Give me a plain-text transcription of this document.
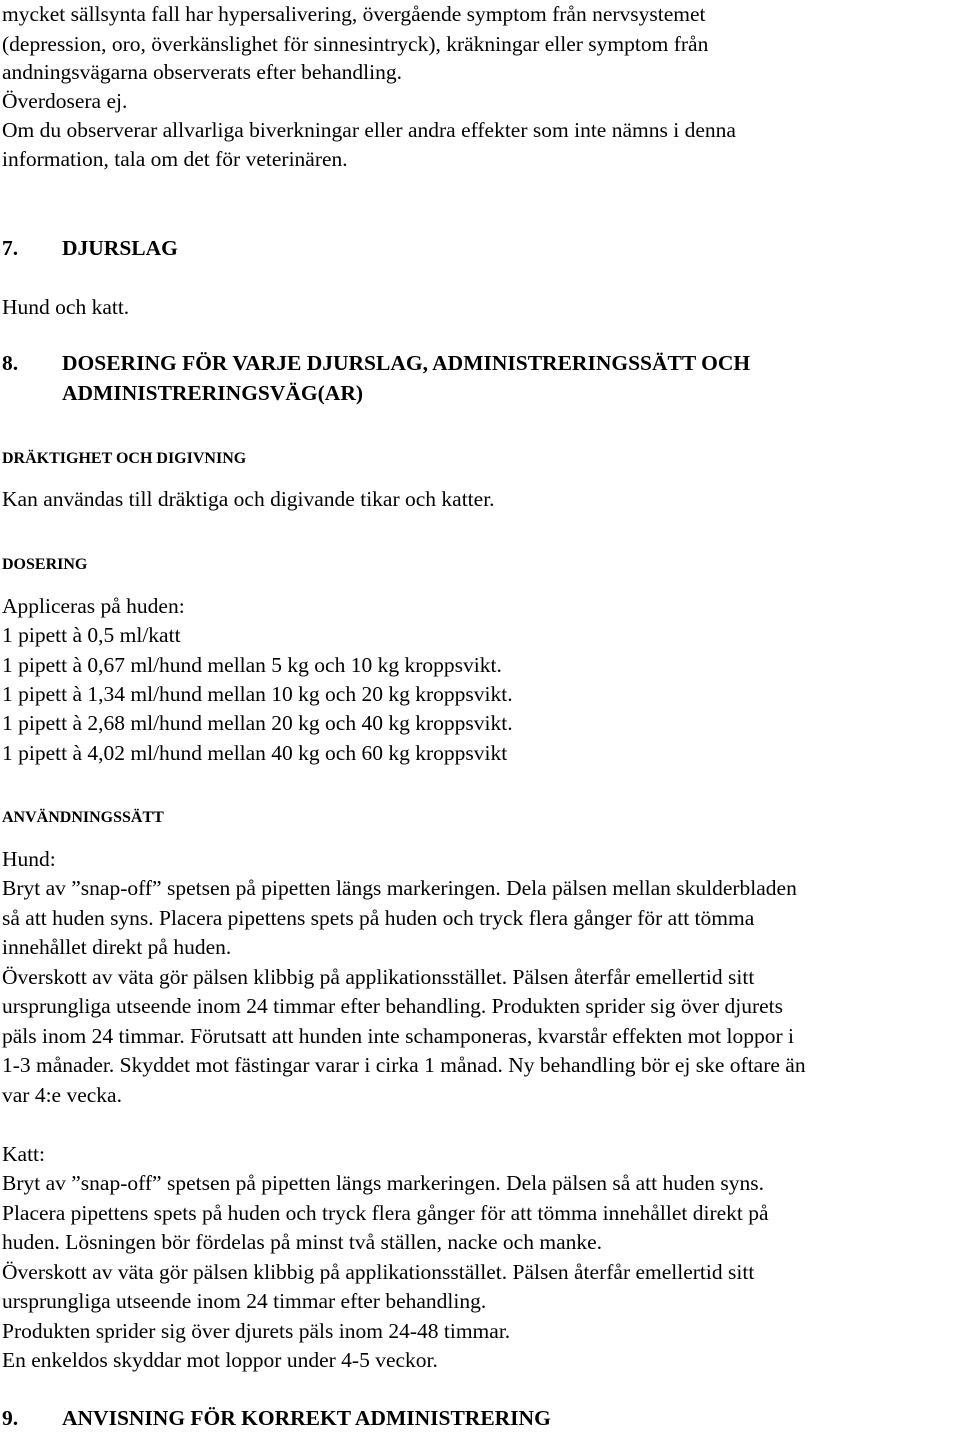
mycket sällsynta fall har hypersalivering, övergående symptom från nervsystemet
(depression, oro, överkänslighet för sinnesintryck), kräkningar eller symptom från
andningsvägarna observerats efter behandling.
Överdosera ej.
Om du observerar allvarliga biverkningar eller andra effekter som inte nämns i denna
information, tala om det för veterinären.
7. DJURSLAG
Hund och katt.
8. DOSERING FÖR VARJE DJURSLAG, ADMINISTRERINGSSÄTT OCH
ADMINISTRERINGSVÄG(AR)
DRÄKTIGHET OCH DIGIVNING
Kan användas till dräktiga och digivande tikar och katter.
DOSERING
Appliceras på huden:
1 pipett à 0,5 ml/katt
1 pipett à 0,67 ml/hund mellan 5 kg och 10 kg kroppsvikt.
1 pipett à 1,34 ml/hund mellan 10 kg och 20 kg kroppsvikt.
1 pipett à 2,68 ml/hund mellan 20 kg och 40 kg kroppsvikt.
1 pipett à 4,02 ml/hund mellan 40 kg och 60 kg kroppsvikt
ANVÄNDNINGSSÄTT
Hund:
Bryt av ”snap-off” spetsen på pipetten längs markeringen. Dela pälsen mellan skulderbladen
så att huden syns. Placera pipettens spets på huden och tryck flera gånger för att tömma
innehållet direkt på huden.
Överskott av väta gör pälsen klibbig på applikationsstället. Pälsen återfår emellertid sitt
ursprungliga utseende inom 24 timmar efter behandling. Produkten sprider sig över djurets
päls inom 24 timmar. Förutsatt att hunden inte schamponeras, kvarstår effekten mot loppor i
1-3 månader. Skyddet mot fästingar varar i cirka 1 månad. Ny behandling bör ej ske oftare än
var 4:e vecka.
Katt:
Bryt av ”snap-off” spetsen på pipetten längs markeringen. Dela pälsen så att huden syns.
Placera pipettens spets på huden och tryck flera gånger för att tömma innehållet direkt på
huden. Lösningen bör fördelas på minst två ställen, nacke och manke.
Överskott av väta gör pälsen klibbig på applikationsstället. Pälsen återfår emellertid sitt
ursprungliga utseende inom 24 timmar efter behandling.
Produkten sprider sig över djurets päls inom 24-48 timmar.
En enkeldos skyddar mot loppor under 4-5 veckor.
9. ANVISNING FÖR KORREKT ADMINISTRERING
